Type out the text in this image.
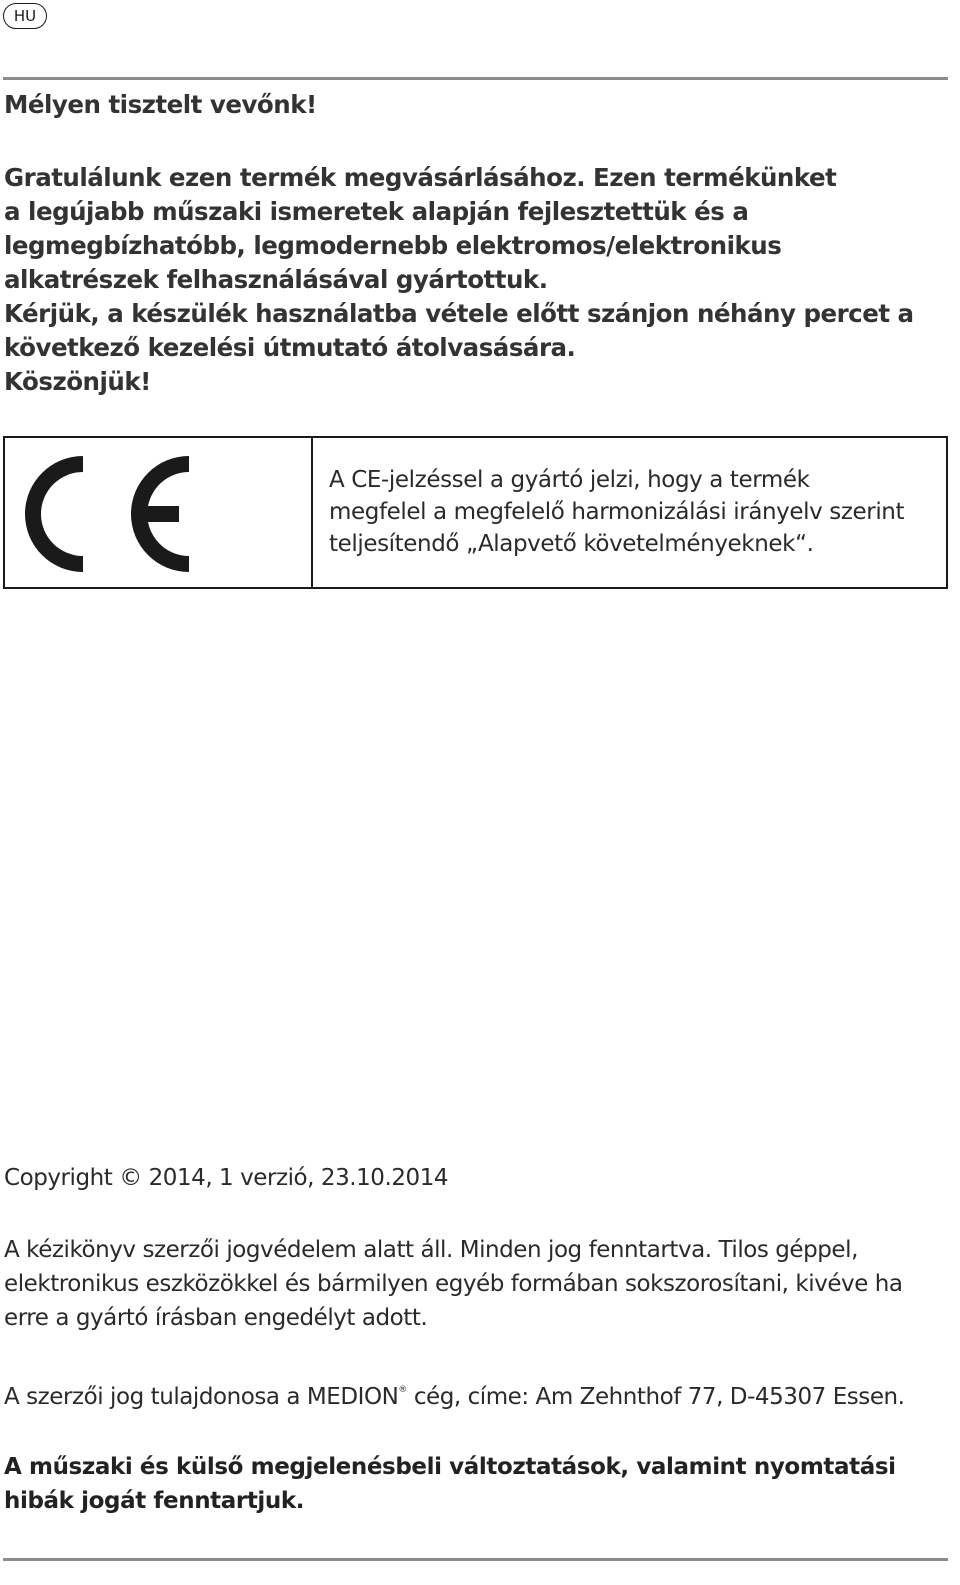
HU

Mélyen tisztelt vevőnk!

Gratulálunk ezen termék megvásárlásához. Ezen termékünket
a legújabb műszaki ismeretek alapján fejlesztettük és a
legmegbízhatóbb, legmodernebb elektromos/elektronikus
alkatrészek felhasználásával gyártottuk.
Kérjük, a készülék használatba vétele előtt szánjon néhány percet a
következő kezelési útmutató átolvasására.
Köszönjük!

A CE-jelzéssel a gyártó jelzi, hogy a termék
megfelel a megfelelő harmonizálási irányelv szerint
teljesítendő „Alapvető követelményeknek“.

Copyright © 2014, 1 verzió, 23.10.2014

A kézikönyv szerzői jogvédelem alatt áll. Minden jog fenntartva. Tilos géppel,
elektronikus eszközökkel és bármilyen egyéb formában sokszorosítani, kivéve ha
erre a gyártó írásban engedélyt adott.

A szerzői jog tulajdonosa a MEDION® cég, címe: Am Zehnthof 77, D-45307 Essen.

A műszaki és külső megjelenésbeli változtatások, valamint nyomtatási
hibák jogát fenntartjuk.
